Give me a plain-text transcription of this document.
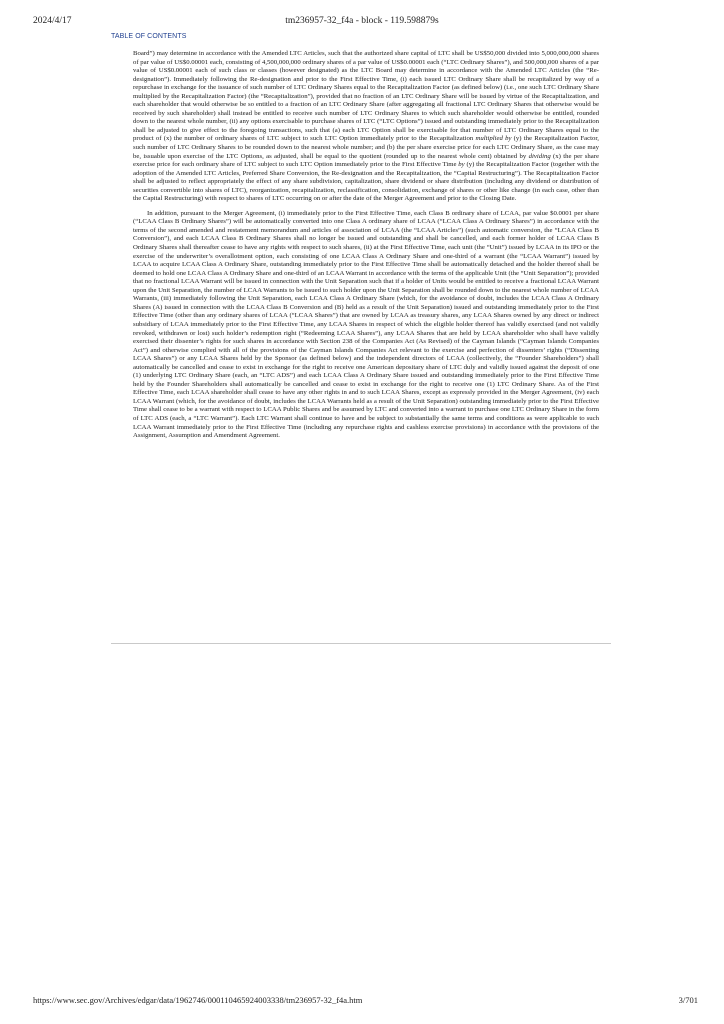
2024/4/17	tm236957-32_f4a - block - 119.598879s
TABLE OF CONTENTS

Board”) may determine in accordance with the Amended LTC Articles, such that the authorized share capital of LTC shall be US$50,000 divided into 5,000,000,000 shares of par value of US$0.00001 each, consisting of 4,500,000,000 ordinary shares of a par value of US$0.00001 each (“LTC Ordinary Shares”), and 500,000,000 shares of a par value of US$0.00001 each of such class or classes (however designated) as the LTC Board may determine in accordance with the Amended LTC Articles (the “Re-designation”). Immediately following the Re-designation and prior to the First Effective Time, (i) each issued LTC Ordinary Share shall be recapitalized by way of a repurchase in exchange for the issuance of such number of LTC Ordinary Shares equal to the Recapitalization Factor (as defined below) (i.e., one such LTC Ordinary Share multiplied by the Recapitalization Factor) (the “Recapitalization”), provided that no fraction of an LTC Ordinary Share will be issued by virtue of the Recapitalization, and each shareholder that would otherwise be so entitled to a fraction of an LTC Ordinary Share (after aggregating all fractional LTC Ordinary Shares that otherwise would be received by such shareholder) shall instead be entitled to receive such number of LTC Ordinary Shares to which such shareholder would otherwise be entitled, rounded down to the nearest whole number, (ii) any options exercisable to purchase shares of LTC (“LTC Options”) issued and outstanding immediately prior to the Recapitalization shall be adjusted to give effect to the foregoing transactions, such that (a) each LTC Option shall be exercisable for that number of LTC Ordinary Shares equal to the product of (x) the number of ordinary shares of LTC subject to such LTC Option immediately prior to the Recapitalization multiplied by (y) the Recapitalization Factor, such number of LTC Ordinary Shares to be rounded down to the nearest whole number; and (b) the per share exercise price for each LTC Ordinary Share, as the case may be, issuable upon exercise of the LTC Options, as adjusted, shall be equal to the quotient (rounded up to the nearest whole cent) obtained by dividing (x) the per share exercise price for each ordinary share of LTC subject to such LTC Option immediately prior to the First Effective Time by (y) the Recapitalization Factor (together with the adoption of the Amended LTC Articles, Preferred Share Conversion, the Re-designation and the Recapitalization, the “Capital Restructuring”). The Recapitalization Factor shall be adjusted to reflect appropriately the effect of any share subdivision, capitalization, share dividend or share distribution (including any dividend or distribution of securities convertible into shares of LTC), reorganization, recapitalization, reclassification, consolidation, exchange of shares or other like change (in each case, other than the Capital Restructuring) with respect to shares of LTC occurring on or after the date of the Merger Agreement and prior to the Closing Date.

In addition, pursuant to the Merger Agreement, (i) immediately prior to the First Effective Time, each Class B ordinary share of LCAA, par value $0.0001 per share (“LCAA Class B Ordinary Shares”) will be automatically converted into one Class A ordinary share of LCAA (“LCAA Class A Ordinary Shares”) in accordance with the terms of the second amended and restatement memorandum and articles of association of LCAA (the “LCAA Articles”) (such automatic conversion, the “LCAA Class B Conversion”), and each LCAA Class B Ordinary Shares shall no longer be issued and outstanding and shall be cancelled, and each former holder of LCAA Class B Ordinary Shares shall thereafter cease to have any rights with respect to such shares, (ii) at the First Effective Time, each unit (the “Unit”) issued by LCAA in its IPO or the exercise of the underwriter’s overallotment option, each consisting of one LCAA Class A Ordinary Share and one-third of a warrant (the “LCAA Warrant”) issued by LCAA to acquire LCAA Class A Ordinary Share, outstanding immediately prior to the First Effective Time shall be automatically detached and the holder thereof shall be deemed to hold one LCAA Class A Ordinary Share and one-third of an LCAA Warrant in accordance with the terms of the applicable Unit (the “Unit Separation”); provided that no fractional LCAA Warrant will be issued in connection with the Unit Separation such that if a holder of Units would be entitled to receive a fractional LCAA Warrant upon the Unit Separation, the number of LCAA Warrants to be issued to such holder upon the Unit Separation shall be rounded down to the nearest whole number of LCAA Warrants, (iii) immediately following the Unit Separation, each LCAA Class A Ordinary Share (which, for the avoidance of doubt, includes the LCAA Class A Ordinary Shares (A) issued in connection with the LCAA Class B Conversion and (B) held as a result of the Unit Separation) issued and outstanding immediately prior to the First Effective Time (other than any ordinary shares of LCAA (“LCAA Shares”) that are owned by LCAA as treasury shares, any LCAA Shares owned by any direct or indirect subsidiary of LCAA immediately prior to the First Effective Time, any LCAA Shares in respect of which the eligible holder thereof has validly exercised (and not validly revoked, withdrawn or lost) such holder’s redemption right (“Redeeming LCAA Shares”), any LCAA Shares that are held by LCAA shareholder who shall have validly exercised their dissenter’s rights for such shares in accordance with Section 238 of the Companies Act (As Revised) of the Cayman Islands (“Cayman Islands Companies Act”) and otherwise complied with all of the provisions of the Cayman Islands Companies Act relevant to the exercise and perfection of dissenters’ rights (“Dissenting LCAA Shares”) or any LCAA Shares held by the Sponsor (as defined below) and the independent directors of LCAA (collectively, the “Founder Shareholders”) shall automatically be cancelled and cease to exist in exchange for the right to receive one American depositary share of LTC duly and validly issued against the deposit of one (1) underlying LTC Ordinary Share (each, an “LTC ADS”) and each LCAA Class A Ordinary Share issued and outstanding immediately prior to the First Effective Time held by the Founder Shareholders shall automatically be cancelled and cease to exist in exchange for the right to receive one (1) LTC Ordinary Share. As of the First Effective Time, each LCAA shareholder shall cease to have any other rights in and to such LCAA Shares, except as expressly provided in the Merger Agreement, (iv) each LCAA Warrant (which, for the avoidance of doubt, includes the LCAA Warrants held as a result of the Unit Separation) outstanding immediately prior to the First Effective Time shall cease to be a warrant with respect to LCAA Public Shares and be assumed by LTC and converted into a warrant to purchase one LTC Ordinary Share in the form of LTC ADS (each, a “LTC Warrant”). Each LTC Warrant shall continue to have and be subject to substantially the same terms and conditions as were applicable to such LCAA Warrant immediately prior to the First Effective Time (including any repurchase rights and cashless exercise provisions) in accordance with the provisions of the Assignment, Assumption and Amendment Agreement.

https://www.sec.gov/Archives/edgar/data/1962746/000110465924003338/tm236957-32_f4a.htm	3/701
